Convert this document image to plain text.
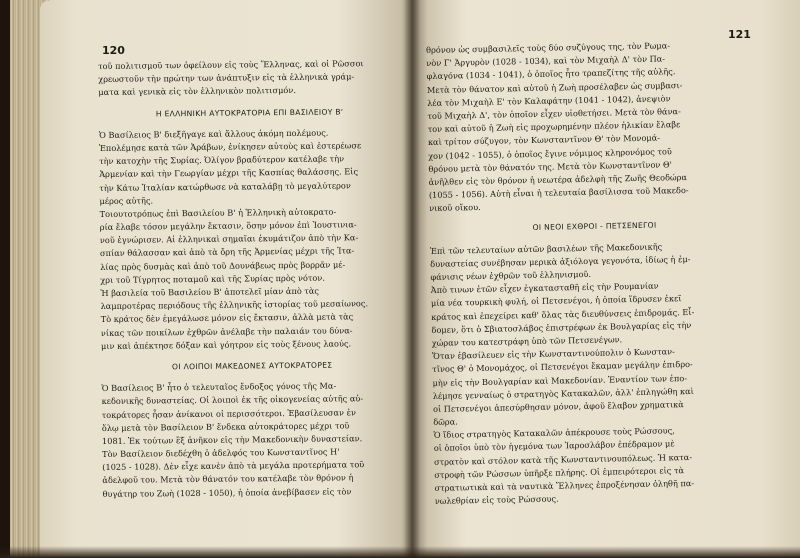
120
τοῦ πολιτισμοῦ των ὀφείλουν εἰς τοὺς Ἕλληνας, καὶ οἱ Ρῶσσοι
χρεωστοῦν τὴν πρώτην των ἀνάπτυξιν εἰς τὰ ἑλληνικὰ γράμ-
ματα καὶ γενικὰ εἰς τὸν ἑλληνικὸν πολιτισμόν.
Η ΕΛΛΗΝΙΚΗ ΑΥΤΟΚΡΑΤΟΡΙΑ ΕΠΙ ΒΑΣΙΛΕΙΟΥ Β'
Ὁ Βασίλειος Β' διεξῆγαγε καὶ ἄλλους ἀκόμη πολέμους.
Ἐπολέμησε κατὰ τῶν Ἀράβων, ἐνίκησεν αὐτοὺς καὶ ἐστερέωσε
τὴν κατοχὴν τῆς Συρίας. Ὀλίγον βραδύτερον κατέλαβε τὴν
Ἀρμενίαν καὶ τὴν Γεωργίαν μέχρι τῆς Κασπίας θαλάσσης. Εἰς
τὴν Κάτω Ἰταλίαν κατώρθωσε νὰ καταλάβῃ τὸ μεγαλύτερον
μέρος αὐτῆς.
Τοιουτοτρόπως ἐπὶ Βασιλείου Β' ἡ Ἑλληνικὴ αὐτοκρατο-
ρία ἔλαβε τόσον μεγάλην ἔκτασιν, ὅσην μόνον ἐπὶ Ἰουστινια-
νοῦ ἐγνώρισεν. Αἱ ἑλληνικαὶ σημαῖαι ἐκυμάτιζον ἀπὸ τὴν Κα-
σπίαν θάλασσαν καὶ ἀπὸ τὰ ὄρη τῆς Ἀρμενίας μέχρι τῆς Ἰτα-
λίας πρὸς δυσμὰς καὶ ἀπὸ τοῦ Δουνάβεως πρὸς βορρᾶν μέ-
χρι τοῦ Τίγρητος ποταμοῦ καὶ τῆς Συρίας πρὸς νότον.
Ἡ βασιλεία τοῦ Βασιλείου Β' ἀποτελεῖ μίαν ἀπὸ τὰς
λαμπροτέρας περιόδους τῆς ἑλληνικῆς ἱστορίας τοῦ μεσαίωνος.
Τὸ κράτος δὲν ἐμεγάλωσε μόνον εἰς ἔκτασιν, ἀλλὰ μετὰ τὰς
νίκας τῶν ποικίλων ἐχθρῶν ἀνέλαβε τὴν παλαιάν του δύνα-
μιν καὶ ἀπέκτησε δόξαν καὶ γόητρον εἰς τοὺς ξένους λαούς.
ΟΙ ΛΟΙΠΟΙ ΜΑΚΕΔΟΝΕΣ ΑΥΤΟΚΡΑΤΟΡΕΣ
Ὁ Βασίλειος Β' ἦτο ὁ τελευταῖος ἔνδοξος γόνος τῆς Μα-
κεδονικῆς δυναστείας. Οἱ λοιποὶ ἐκ τῆς οἰκογενείας αὐτῆς αὐ-
τοκράτορες ἦσαν ἀνίκανοι οἱ περισσότεροι. Ἐβασίλευσαν ἐν
ὅλῳ μετὰ τὸν Βασίλειον Β' ἕνδεκα αὐτοκράτορες μέχρι τοῦ
1081. Ἐκ τούτων ἓξ ἀνῆκον εἰς τὴν Μακεδονικὴν δυναστείαν.
Τὸν Βασίλειον διεδέχθη ὁ ἀδελφός του Κωνσταντῖνος Η'
(1025 - 1028). Δὲν εἶχε κανὲν ἀπὸ τὰ μεγάλα προτερήματα τοῦ
ἀδελφοῦ του. Μετὰ τὸν θάνατόν του κατέλαβε τὸν θρόνον ἡ
θυγάτηρ του Ζωὴ (1028 - 1050), ἡ ὁποία ἀνεβίβασεν εἰς τὸν
121
θρόνον ὡς συμβασιλεῖς τοὺς δύο συζύγους της, τὸν Ρωμα-
νὸν Γ' Ἀργυρὸν (1028 - 1034), καὶ τὸν Μιχαὴλ Δ' τὸν Πα-
φλαγόνα (1034 - 1041), ὁ ὁποῖος ἦτο τραπεζίτης τῆς αὐλῆς.
Μετὰ τὸν θάνατον καὶ αὐτοῦ ἡ Ζωὴ προσέλαβεν ὡς συμβασι-
λέα τὸν Μιχαὴλ Ε' τὸν Καλαφάτην (1041 - 1042), ἀνεψιὸν
τοῦ Μιχαὴλ Δ', τὸν ὁποῖον εἶχεν υἱοθετήσει. Μετὰ τὸν θάνα-
τον καὶ αὐτοῦ ἡ Ζωὴ εἰς προχωρημένην πλέον ἡλικίαν ἔλαβε
καὶ τρίτον σύζυγον, τὸν Κωνσταντῖνον Θ' τὸν Μονομά-
χον (1042 - 1055), ὁ ὁποῖος ἔγινε νόμιμος κληρονόμος τοῦ
θρόνου μετὰ τὸν θάνατόν της. Μετὰ τὸν Κωνσταντῖνον Θ'
ἀνῆλθεν εἰς τὸν θρόνον ἡ νεωτέρα ἀδελφὴ τῆς Ζωῆς Θεοδώρα
(1055 - 1056). Αὐτὴ εἶναι ἡ τελευταία βασίλισσα τοῦ Μακεδο-
νικοῦ οἴκου.
ΟΙ ΝΕΟΙ ΕΧΘΡΟΙ - ΠΕΤΣΕΝΕΓΟΙ
Ἐπὶ τῶν τελευταίων αὐτῶν βασιλέων τῆς Μακεδονικῆς
δυναστείας συνέβησαν μερικὰ ἀξιόλογα γεγονότα, ἰδίως ἡ ἐμ-
φάνισις νέων ἐχθρῶν τοῦ ἑλληνισμοῦ.
Ἀπὸ τινων ἐτῶν εἶχεν ἐγκατασταθῆ εἰς τὴν Ρουμανίαν
μία νέα τουρκικὴ φυλή, οἱ Πετσενέγοι, ἡ ὁποία ἵδρυσεν ἐκεῖ
κράτος καὶ ἐπεχείρει καθ' ὅλας τὰς διευθύνσεις ἐπιδρομάς. Εἶ-
δομεν, ὅτι ὁ Σβιατοσλάβος ἐπιστρέφων ἐκ Βουλγαρίας εἰς τὴν
χώραν του κατεστράφη ὑπὸ τῶν Πετσενέγων.
Ὅταν ἐβασίλευεν εἰς τὴν Κωνσταντινούπολιν ὁ Κωνσταν-
τῖνος Θ' ὁ Μονομάχος, οἱ Πετσενέγοι ἔκαμαν μεγάλην ἐπιδρο-
μὴν εἰς τὴν Βουλγαρίαν καὶ Μακεδονίαν. Ἐναντίον των ἐπο-
λέμησε γενναίως ὁ στρατηγὸς Κατακαλῶν, ἀλλ' ἐπληγώθη καὶ
οἱ Πετσενέγοι ἀπεσύρθησαν μόνον, ἀφοῦ ἔλαβον χρηματικὰ
δῶρα.
Ὁ ἴδιος στρατηγὸς Κατακαλῶν ἀπέκρουσε τοὺς Ρώσσους,
οἱ ὁποῖοι ὑπὸ τὸν ἡγεμόνα των Ἰαροσλάβον ἐπέδραμον μὲ
στρατὸν καὶ στόλον κατὰ τῆς Κωνσταντινουπόλεως. Ἡ κατα-
στροφὴ τῶν Ρώσσων ὑπῆρξε πλήρης. Οἱ ἐμπειρότεροι εἰς τὰ
στρατιωτικὰ καὶ τὰ ναυτικὰ Ἕλληνες ἐπροξένησαν ὀληθῆ πα-
νωλεθρίαν εἰς τοὺς Ρώσσους.
